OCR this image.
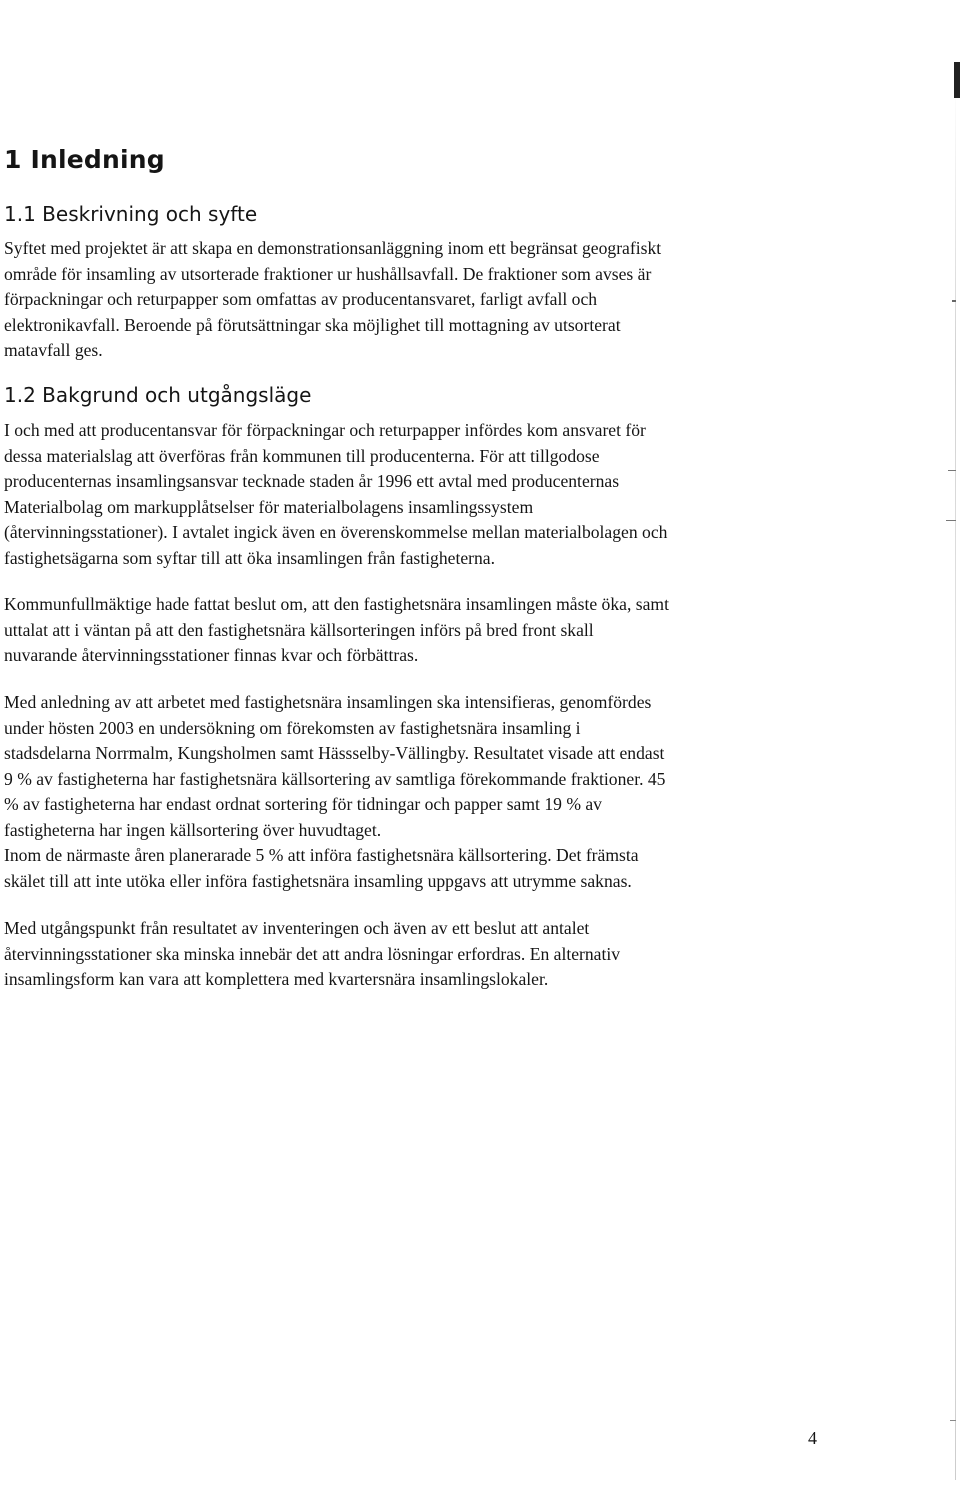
1 Inledning
1.1 Beskrivning och syfte

Syftet med projektet är att skapa en demonstrationsanläggning inom ett begränsat geografiskt
område för insamling av utsorterade fraktioner ur hushållsavfall. De fraktioner som avses är
förpackningar och returpapper som omfattas av producentansvaret, farligt avfall och
elektronikavfall. Beroende på förutsättningar ska möjlighet till mottagning av utsorterat
matavfall ges.

1.2 Bakgrund och utgångsläge

I och med att producentansvar för förpackningar och returpapper infördes kom ansvaret för
dessa materialslag att överföras från kommunen till producenterna. För att tillgodose
producenternas insamlingsansvar tecknade staden år 1996 ett avtal med producenternas
Materialbolag om markupplåtselser för materialbolagens insamlingssystem
(återvinningsstationer). I avtalet ingick även en överenskommelse mellan materialbolagen och
fastighetsägarna som syftar till att öka insamlingen från fastigheterna.

Kommunfullmäktige hade fattat beslut om, att den fastighetsnära insamlingen måste öka, samt
uttalat att i väntan på att den fastighetsnära källsorteringen införs på bred front skall
nuvarande återvinningsstationer finnas kvar och förbättras.

Med anledning av att arbetet med fastighetsnära insamlingen ska intensifieras, genomfördes
under hösten 2003 en undersökning om förekomsten av fastighetsnära insamling i
stadsdelarna Norrmalm, Kungsholmen samt Hässselby-Vällingby. Resultatet visade att endast
9 % av fastigheterna har fastighetsnära källsortering av samtliga förekommande fraktioner. 45
% av fastigheterna har endast ordnat sortering för tidningar och papper samt 19 % av
fastigheterna har ingen källsortering över huvudtaget.
Inom de närmaste åren planerarade 5 % att införa fastighetsnära källsortering. Det främsta
skälet till att inte utöka eller införa fastighetsnära insamling uppgavs att utrymme saknas.

Med utgångspunkt från resultatet av inventeringen och även av ett beslut att antalet
återvinningsstationer ska minska innebär det att andra lösningar erfordras. En alternativ
insamlingsform kan vara att komplettera med kvartersnära insamlingslokaler.

4
